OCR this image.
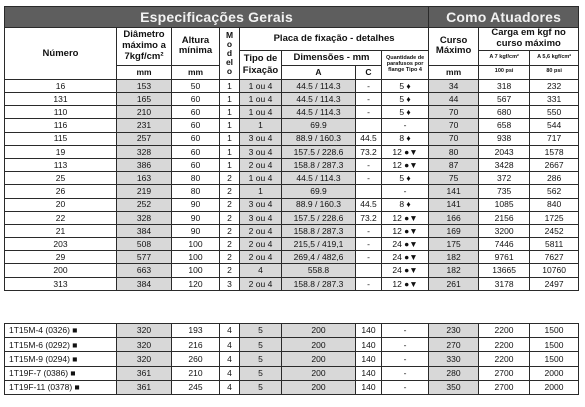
Especificações Gerais								Como Atuadores		
Número	Diâmetro máximo a 7kgf/cm²	Altura mínima	Modelo	Placa de fixação - detalhes				Curso Máximo	Carga em kgf no curso máximo	
				Tipo de Fixação	Dimensões - mm		Quantidade de parafusos por flange Tipo 4		A 7 kgf/cm²	A 5,6 kgf/cm²
	mm	mm			A	C		mm	100 psi	80 psi
16	153	50	1	1 ou 4	44.5 / 114.3	-	5 ♦	34	318	232
131	165	60	1	1 ou 4	44.5 / 114.3	-	5 ♦	44	567	331
110	210	60	1	1 ou 4	44.5 / 114.3	-	5 ♦	70	680	550
116	231	60	1	1	69.9		-	70	658	544
115	257	60	1	3 ou 4	88.9 / 160.3	44.5	8 ♦	70	938	717
19	328	60	1	3 ou 4	157.5 / 228.6	73.2	12 ●▼	80	2043	1578
113	386	60	1	2 ou 4	158.8 / 287.3	-	12 ●▼	87	3428	2667
25	163	80	2	1 ou 4	44.5 / 114.3	-	5 ♦	75	372	286
26	219	80	2	1	69.9		-	141	735	562
20	252	90	2	3 ou 4	88.9 / 160.3	44.5	8 ♦	141	1085	840
22	328	90	2	3 ou 4	157.5 / 228.6	73.2	12 ●▼	166	2156	1725
21	384	90	2	2 ou 4	158.8 / 287.3	-	12 ●▼	169	3200	2452
203	508	100	2	2 ou 4	215,5 / 419,1	-	24 ●▼	175	7446	5811
29	577	100	2	2 ou 4	269,4 / 482,6	-	24 ●▼	182	9761	7627
200	663	100	2	4	558.8		24 ●▼	182	13665	10760
313	384	120	3	2 ou 4	158.8 / 287.3	-	12 ●▼	261	3178	2497
1T15M-4 (0326) ■	320	193	4	5	200	140	-	230	2200	1500
1T15M-6 (0292) ■	320	216	4	5	200	140	-	270	2200	1500
1T15M-9 (0294) ■	320	260	4	5	200	140	-	330	2200	1500
1T19F-7 (0386) ■	361	210	4	5	200	140	-	280	2700	2000
1T19F-11 (0378) ■	361	245	4	5	200	140	-	350	2700	2000
